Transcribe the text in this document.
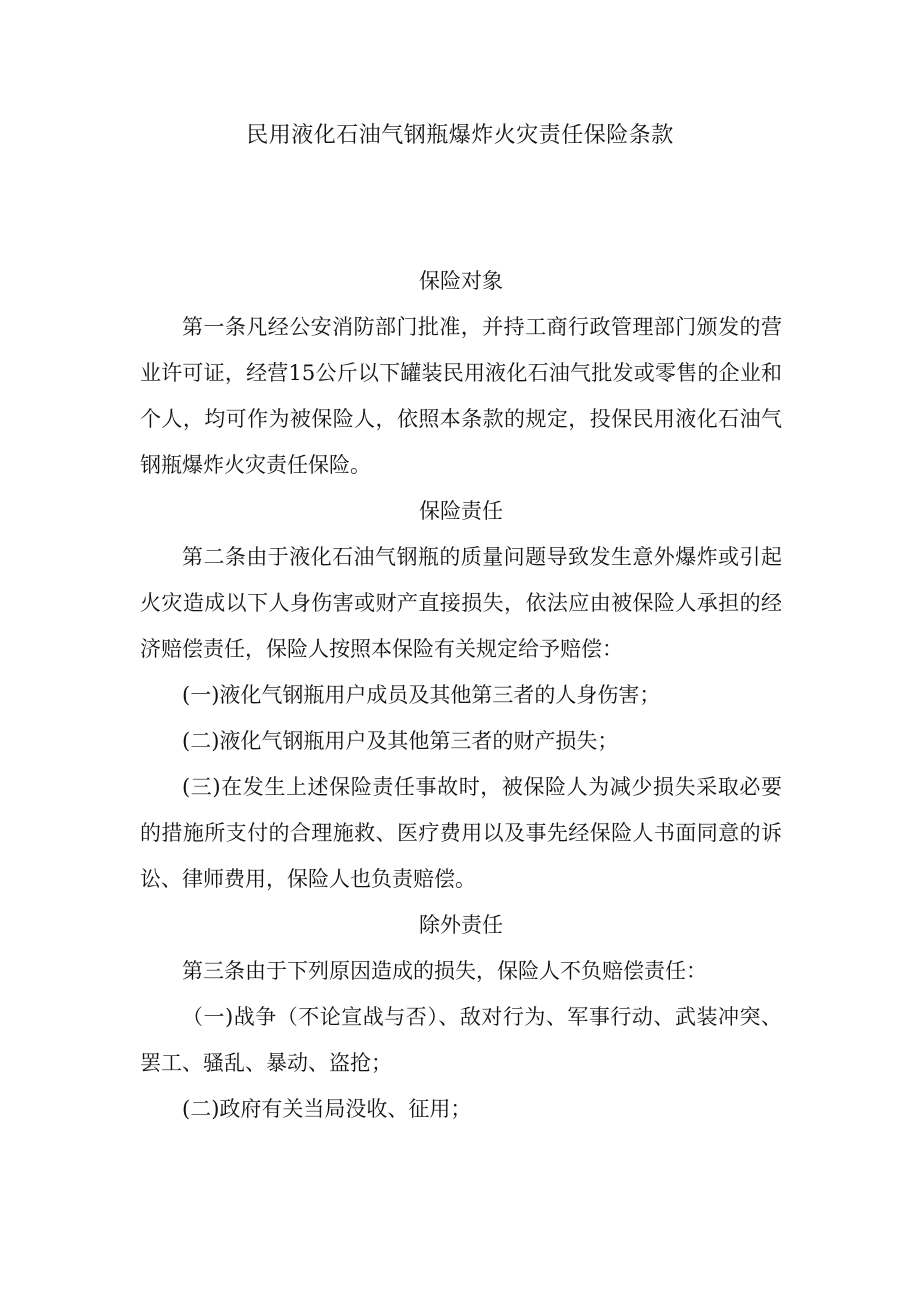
民用液化石油气钢瓶爆炸火灾责任保险条款
保险对象

第一条凡经公安消防部门批准，并持工商行政管理部门颁发的营业许可证，经营15公斤以下罐装民用液化石油气批发或零售的企业和个人，均可作为被保险人，依照本条款的规定，投保民用液化石油气钢瓶爆炸火灾责任保险。

保险责任

第二条由于液化石油气钢瓶的质量问题导致发生意外爆炸或引起火灾造成以下人身伤害或财产直接损失，依法应由被保险人承担的经济赔偿责任，保险人按照本保险有关规定给予赔偿：

(一)液化气钢瓶用户成员及其他第三者的人身伤害；

(二)液化气钢瓶用户及其他第三者的财产损失；

(三)在发生上述保险责任事故时，被保险人为减少损失采取必要的措施所支付的合理施救、医疗费用以及事先经保险人书面同意的诉讼、律师费用，保险人也负责赔偿。

除外责任

第三条由于下列原因造成的损失，保险人不负赔偿责任：

（一)战争（不论宣战与否）、敌对行为、军事行动、武装冲突、罢工、骚乱、暴动、盗抢；

(二)政府有关当局没收、征用；
